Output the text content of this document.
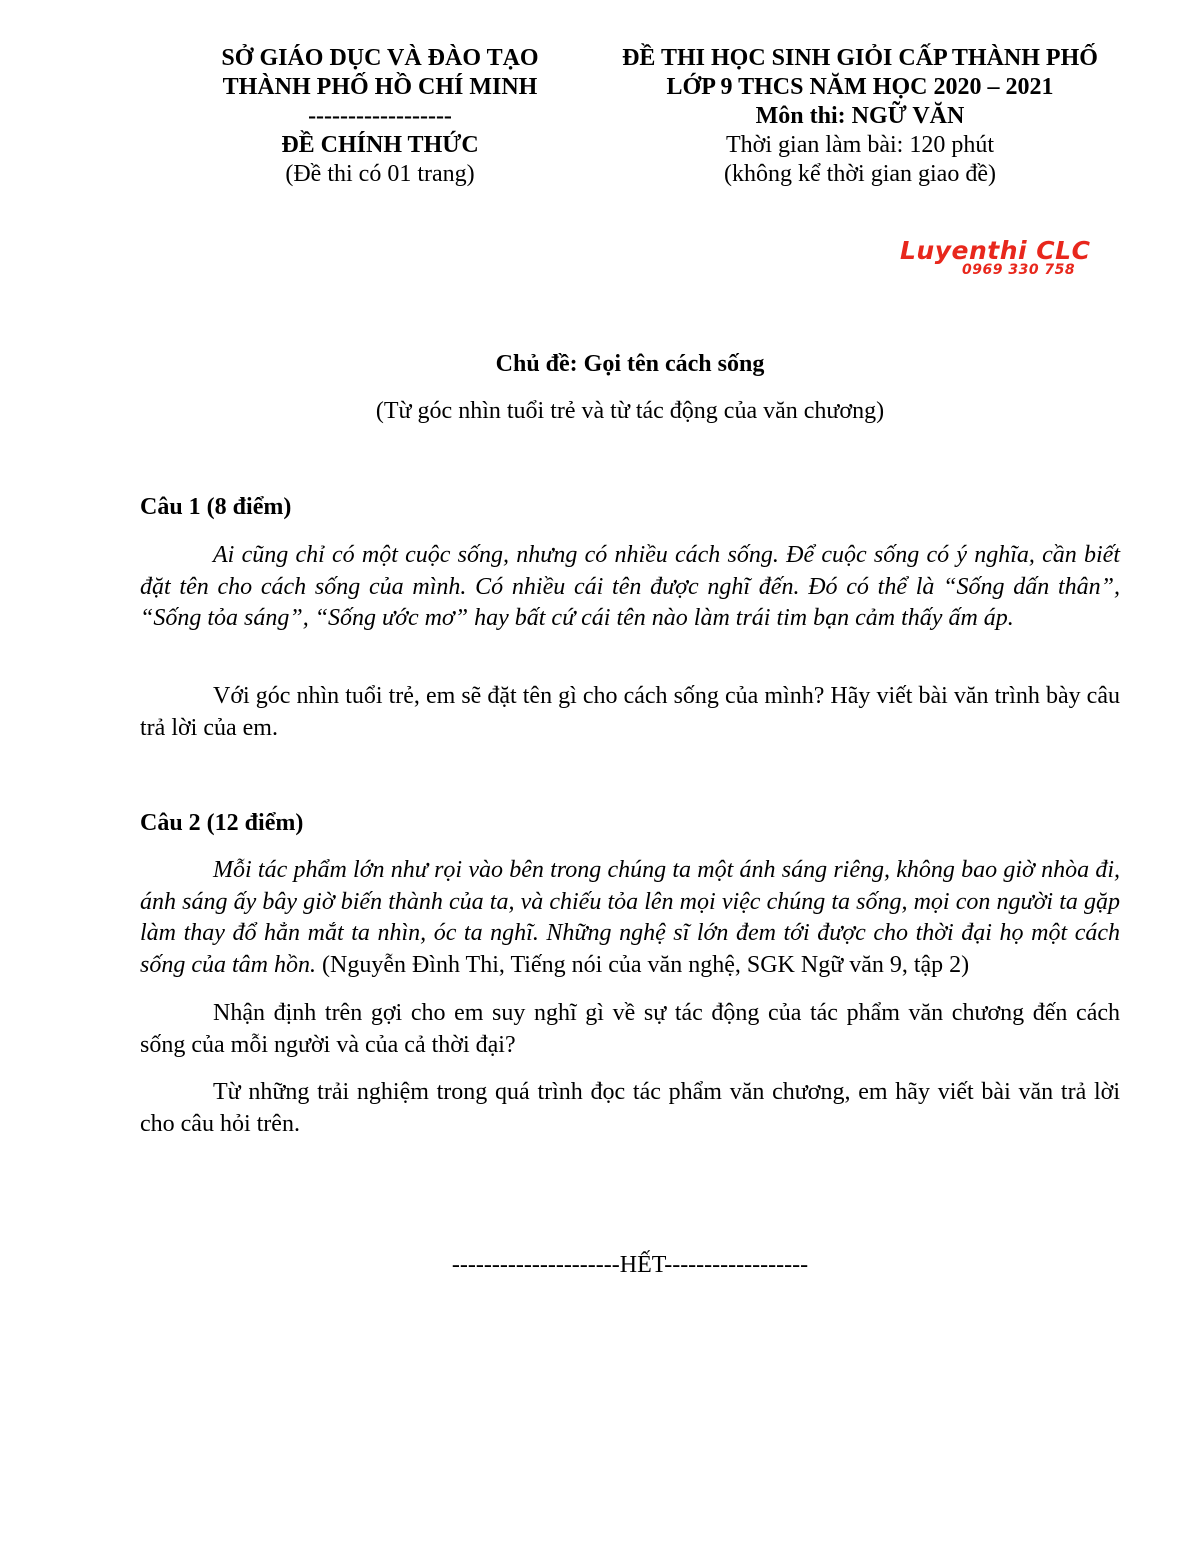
SỞ GIÁO DỤC VÀ ĐÀO TẠO
THÀNH PHỐ HỒ CHÍ MINH
------------------
ĐỀ CHÍNH THỨC
(Đề thi có 01 trang)
ĐỀ THI HỌC SINH GIỎI CẤP THÀNH PHỐ
LỚP 9 THCS NĂM HỌC 2020 – 2021
Môn thi: NGỮ VĂN
Thời gian làm bài: 120 phút
(không kể thời gian giao đề)
Luyenthi CLC
0969 330 758
Chủ đề: Gọi tên cách sống
(Từ góc nhìn tuổi trẻ và từ tác động của văn chương)
Câu 1 (8 điểm)

Ai cũng chỉ có một cuộc sống, nhưng có nhiều cách sống. Để cuộc sống có ý nghĩa, cần biết đặt tên cho cách sống của mình. Có nhiều cái tên được nghĩ đến. Đó có thể là “Sống dấn thân”, “Sống tỏa sáng”, “Sống ước mơ” hay bất cứ cái tên nào làm trái tim bạn cảm thấy ấm áp.

Với góc nhìn tuổi trẻ, em sẽ đặt tên gì cho cách sống của mình? Hãy viết bài văn trình bày câu trả lời của em.

Câu 2 (12 điểm)

Mỗi tác phẩm lớn như rọi vào bên trong chúng ta một ánh sáng riêng, không bao giờ nhòa đi, ánh sáng ấy bây giờ biến thành của ta, và chiếu tỏa lên mọi việc chúng ta sống, mọi con người ta gặp làm thay đổ hẳn mắt ta nhìn, óc ta nghĩ. Những nghệ sĩ lớn đem tới được cho thời đại họ một cách sống của tâm hồn. (Nguyễn Đình Thi, Tiếng nói của văn nghệ, SGK Ngữ văn 9, tập 2)

Nhận định trên gợi cho em suy nghĩ gì về sự tác động của tác phẩm văn chương đến cách sống của mỗi người và của cả thời đại?

Từ những trải nghiệm trong quá trình đọc tác phẩm văn chương, em hãy viết bài văn trả lời cho câu hỏi trên.

---------------------HẾT------------------
